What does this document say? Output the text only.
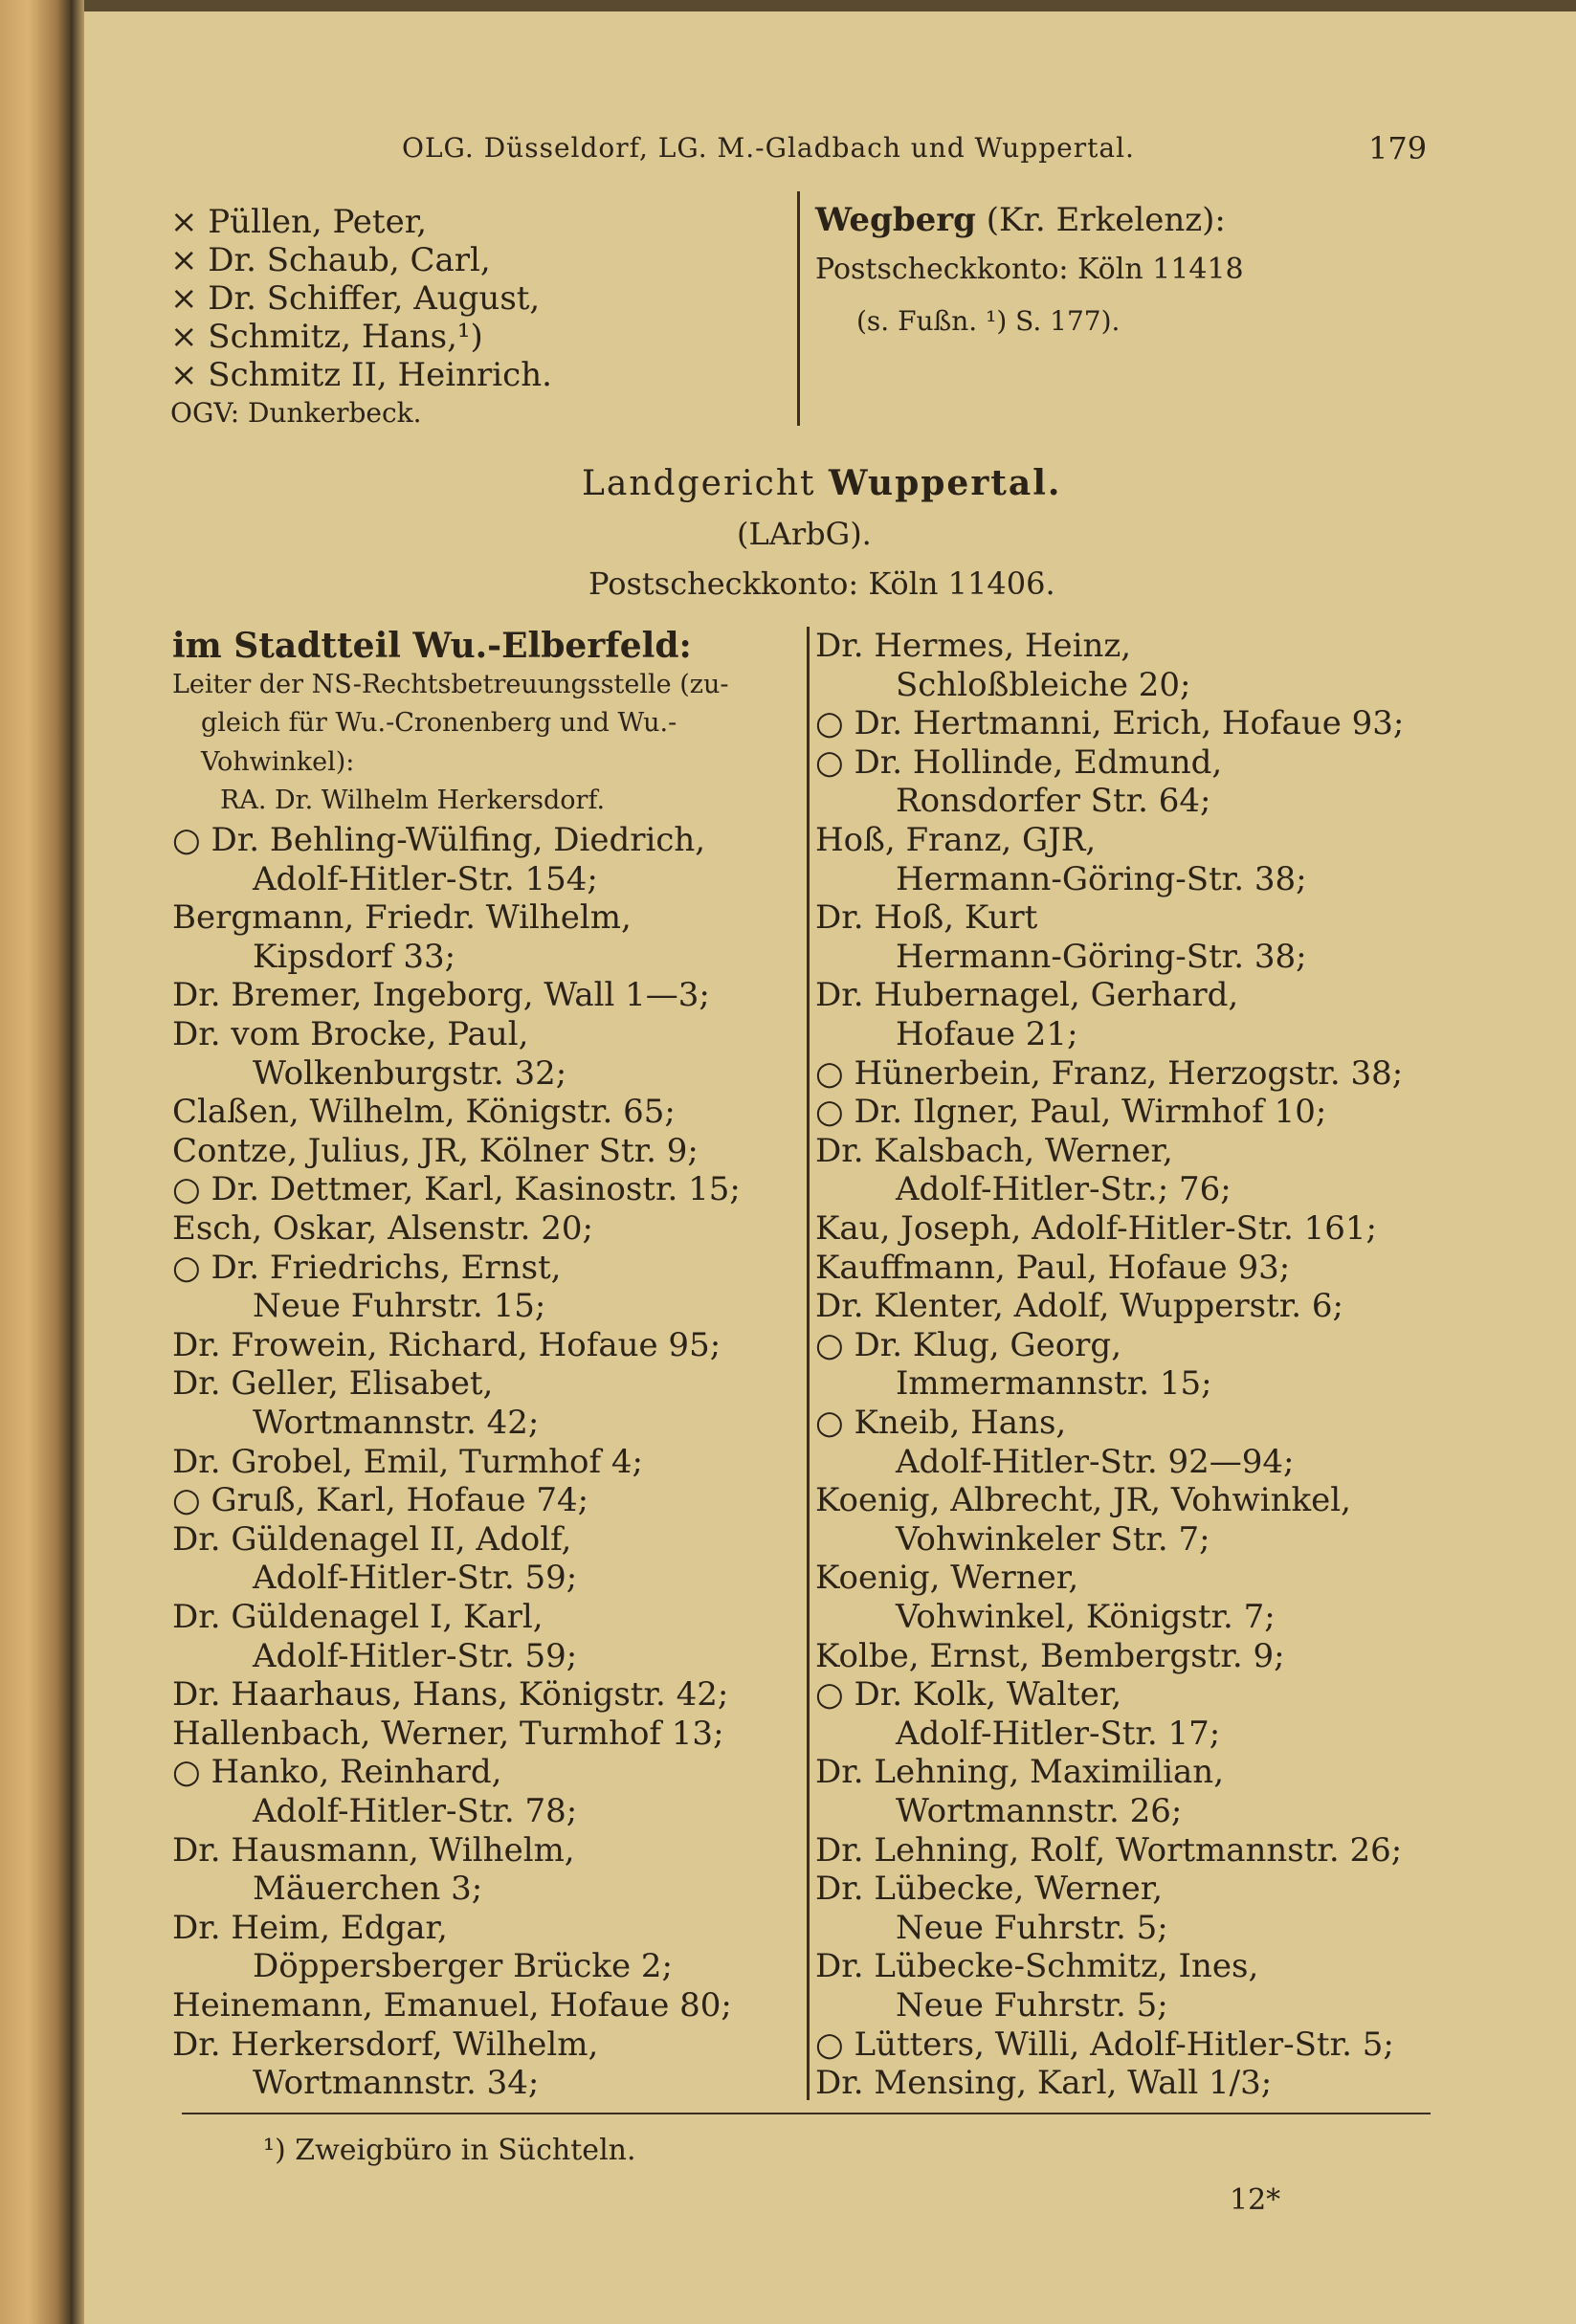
OLG. Düsseldorf, LG. M.-Gladbach und Wuppertal.	179
× Püllen, Peter,
× Dr. Schaub, Carl,
× Dr. Schiffer, August,
× Schmitz, Hans,¹)
× Schmitz II, Heinrich.
OGV: Dunkerbeck.
Wegberg (Kr. Erkelenz):
Postscheckkonto: Köln 11418
(s. Fußn. ¹) S. 177).
Landgericht Wuppertal.
(LArbG).
Postscheckkonto: Köln 11406.
im Stadtteil Wu.-Elberfeld:
Leiter der NS-Rechtsbetreuungsstelle (zu-
gleich für Wu.-Cronenberg und Wu.-
Vohwinkel):
RA. Dr. Wilhelm Herkersdorf.
○ Dr. Behling-Wülfing, Diedrich,
Adolf-Hitler-Str. 154;
Bergmann, Friedr. Wilhelm,
Kipsdorf 33;
Dr. Bremer, Ingeborg, Wall 1—3;
Dr. vom Brocke, Paul,
Wolkenburgstr. 32;
Claßen, Wilhelm, Königstr. 65;
Contze, Julius, JR, Kölner Str. 9;
○ Dr. Dettmer, Karl, Kasinostr. 15;
Esch, Oskar, Alsenstr. 20;
○ Dr. Friedrichs, Ernst,
Neue Fuhrstr. 15;
Dr. Frowein, Richard, Hofaue 95;
Dr. Geller, Elisabet,
Wortmannstr. 42;
Dr. Grobel, Emil, Turmhof 4;
○ Gruß, Karl, Hofaue 74;
Dr. Güldenagel II, Adolf,
Adolf-Hitler-Str. 59;
Dr. Güldenagel I, Karl,
Adolf-Hitler-Str. 59;
Dr. Haarhaus, Hans, Königstr. 42;
Hallenbach, Werner, Turmhof 13;
○ Hanko, Reinhard,
Adolf-Hitler-Str. 78;
Dr. Hausmann, Wilhelm,
Mäuerchen 3;
Dr. Heim, Edgar,
Döppersberger Brücke 2;
Heinemann, Emanuel, Hofaue 80;
Dr. Herkersdorf, Wilhelm,
Wortmannstr. 34;
Dr. Hermes, Heinz,
Schloßbleiche 20;
○ Dr. Hertmanni, Erich, Hofaue 93;
○ Dr. Hollinde, Edmund,
Ronsdorfer Str. 64;
Hoß, Franz, GJR,
Hermann-Göring-Str. 38;
Dr. Hoß, Kurt
Hermann-Göring-Str. 38;
Dr. Hubernagel, Gerhard,
Hofaue 21;
○ Hünerbein, Franz, Herzogstr. 38;
○ Dr. Ilgner, Paul, Wirmhof 10;
Dr. Kalsbach, Werner,
Adolf-Hitler-Str.; 76;
Kau, Joseph, Adolf-Hitler-Str. 161;
Kauffmann, Paul, Hofaue 93;
Dr. Klenter, Adolf, Wupperstr. 6;
○ Dr. Klug, Georg,
Immermannstr. 15;
○ Kneib, Hans,
Adolf-Hitler-Str. 92—94;
Koenig, Albrecht, JR, Vohwinkel,
Vohwinkeler Str. 7;
Koenig, Werner,
Vohwinkel, Königstr. 7;
Kolbe, Ernst, Bembergstr. 9;
○ Dr. Kolk, Walter,
Adolf-Hitler-Str. 17;
Dr. Lehning, Maximilian,
Wortmannstr. 26;
Dr. Lehning, Rolf, Wortmannstr. 26;
Dr. Lübecke, Werner,
Neue Fuhrstr. 5;
Dr. Lübecke-Schmitz, Ines,
Neue Fuhrstr. 5;
○ Lütters, Willi, Adolf-Hitler-Str. 5;
Dr. Mensing, Karl, Wall 1/3;
¹) Zweigbüro in Süchteln.
12*
